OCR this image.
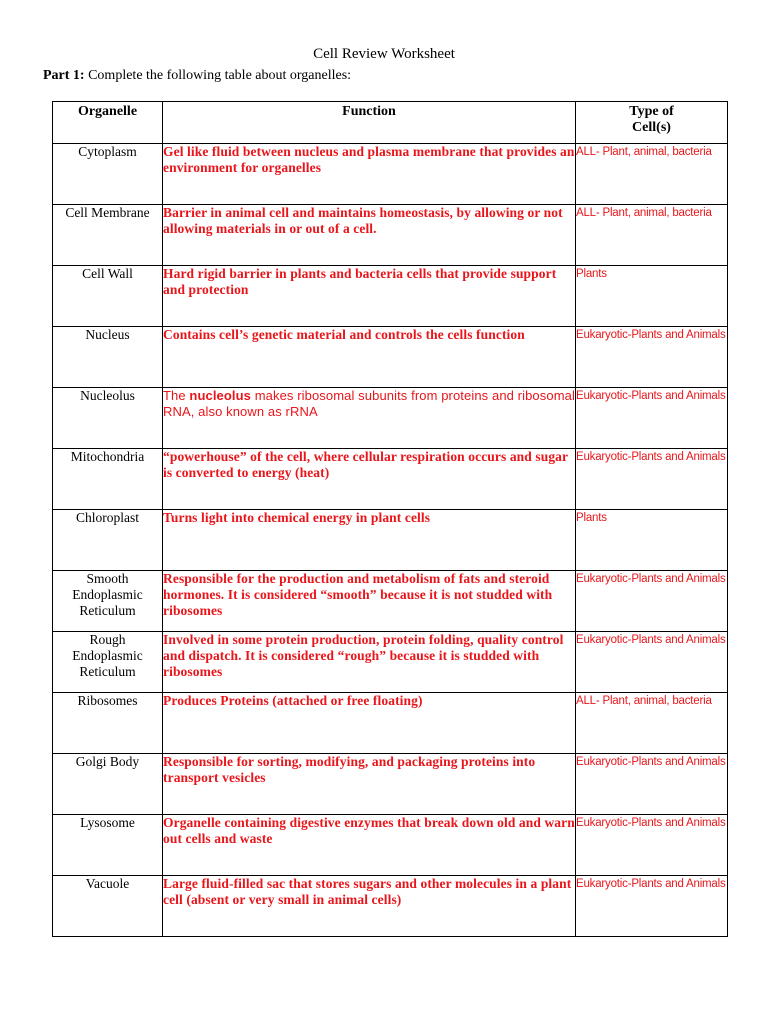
Cell Review Worksheet
Part 1: Complete the following table about organelles:
Organelle	Function	Type of
Cell(s)
Cytoplasm	Gel like fluid between nucleus and plasma membrane that provides an environment for organelles	ALL- Plant, animal, bacteria
Cell Membrane	Barrier in animal cell and maintains homeostasis, by allowing or not allowing materials in or out of a cell.	ALL- Plant, animal, bacteria
Cell Wall	Hard rigid barrier in plants and bacteria cells that provide support and protection	Plants
Nucleus	Contains cell’s genetic material and controls the cells function	Eukaryotic-Plants and Animals
Nucleolus	The nucleolus makes ribosomal subunits from proteins and ribosomal RNA, also known as rRNA	Eukaryotic-Plants and Animals
Mitochondria	“powerhouse” of the cell, where cellular respiration occurs and sugar is converted to energy (heat)	Eukaryotic-Plants and Animals
Chloroplast	Turns light into chemical energy in plant cells	Plants
Smooth Endoplasmic Reticulum	Responsible for the production and metabolism of fats and steroid hormones. It is considered “smooth” because it is not studded with ribosomes	Eukaryotic-Plants and Animals
Rough Endoplasmic Reticulum	Involved in some protein production, protein folding, quality control and dispatch. It is considered “rough” because it is studded with ribosomes	Eukaryotic-Plants and Animals
Ribosomes	Produces Proteins (attached or free floating)	ALL- Plant, animal, bacteria
Golgi Body	Responsible for sorting, modifying, and packaging proteins into transport vesicles	Eukaryotic-Plants and Animals
Lysosome	Organelle containing digestive enzymes that break down old and warn out cells and waste	Eukaryotic-Plants and Animals
Vacuole	Large fluid-filled sac that stores sugars and other molecules in a plant cell (absent or very small in animal cells)	Eukaryotic-Plants and Animals
